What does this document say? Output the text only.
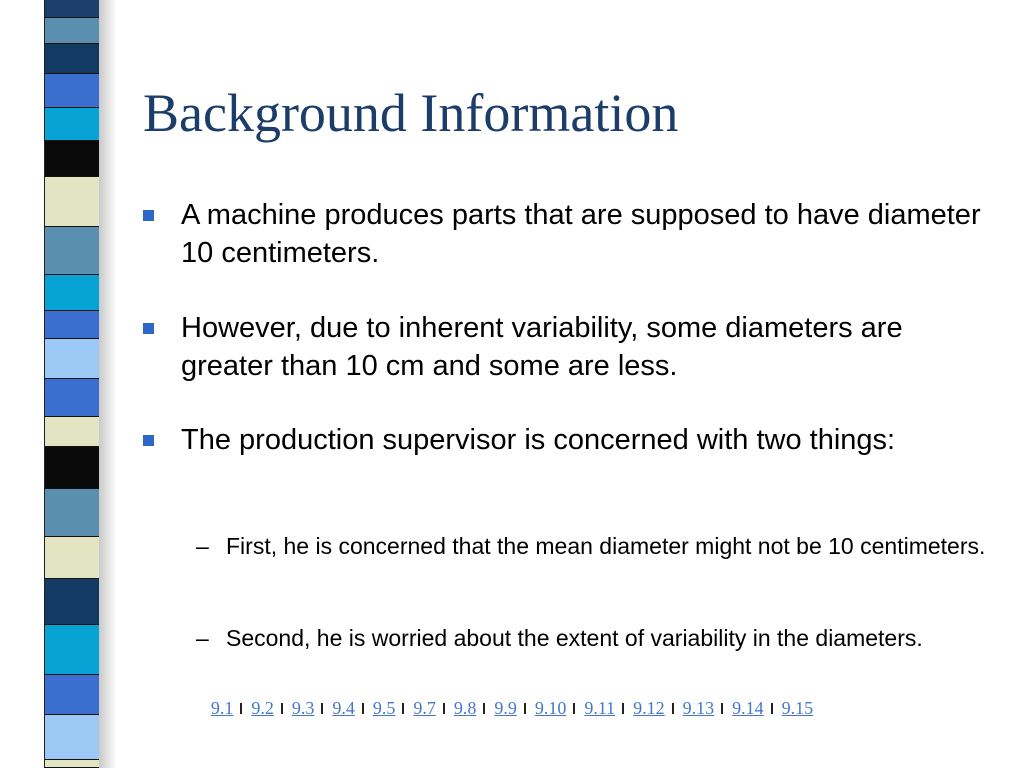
Background Information
A machine produces parts that are supposed to have diameter 10 centimeters.
However, due to inherent variability, some diameters are greater than 10 cm and some are less.
The production supervisor is concerned with two things:
– First, he is concerned that the mean diameter might not be 10 centimeters.
– Second, he is worried about the extent of variability in the diameters.
9.1 9.2 9.3 9.4 9.5 9.7 9.8 9.9 9.10 9.11 9.12 9.13 9.14 9.15
